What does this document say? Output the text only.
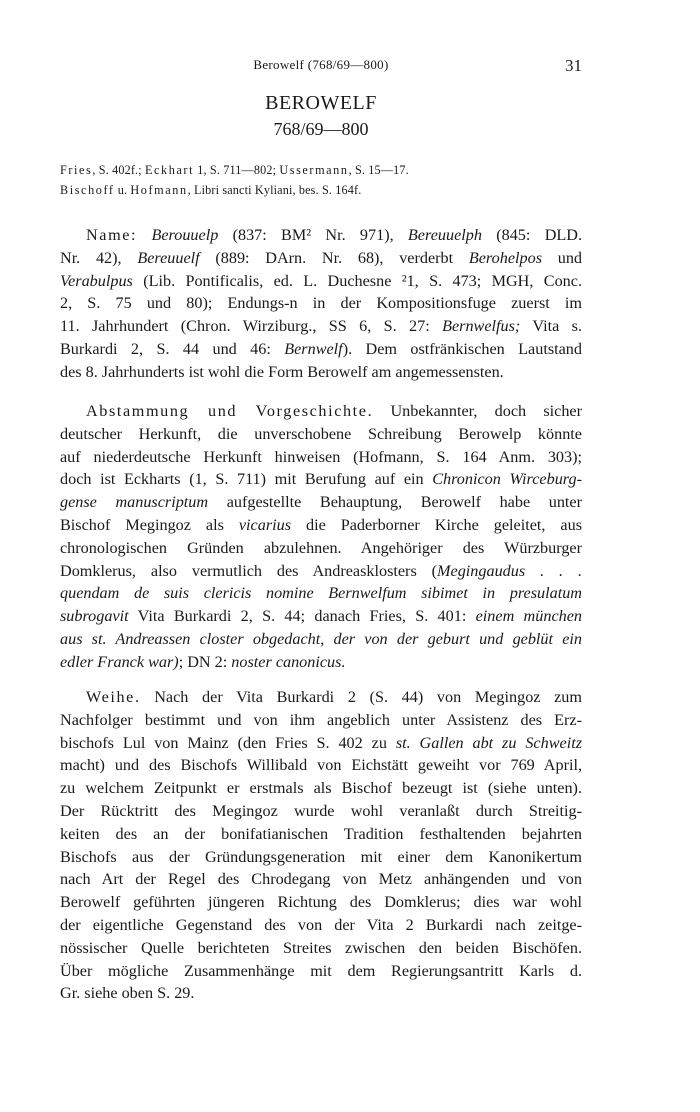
Berowelf (768/69—800)	31
BEROWELF
768/69—800
Fries, S. 402f.; Eckhart 1, S. 711—802; Ussermann, S. 15—17.
Bischoff u. Hofmann, Libri sancti Kyliani, bes. S. 164f.
Name: Berouuelp (837: BM² Nr. 971), Bereuuelph (845: DLD.
Nr. 42), Bereuuelf (889: DArn. Nr. 68), verderbt Berohelpos und
Verabulpus (Lib. Pontificalis, ed. L. Duchesne ²1, S. 473; MGH, Conc.
2, S. 75 und 80); Endungs-n in der Kompositionsfuge zuerst im
11. Jahrhundert (Chron. Wirziburg., SS 6, S. 27: Bernwelfus; Vita s.
Burkardi 2, S. 44 und 46: Bernwelf). Dem ostfränkischen Lautstand
des 8. Jahrhunderts ist wohl die Form Berowelf am angemessensten.
Abstammung und Vorgeschichte. Unbekannter, doch sicher
deutscher Herkunft, die unverschobene Schreibung Berowelp könnte
auf niederdeutsche Herkunft hinweisen (Hofmann, S. 164 Anm. 303);
doch ist Eckharts (1, S. 711) mit Berufung auf ein Chronicon Wirceburg-
gense manuscriptum aufgestellte Behauptung, Berowelf habe unter
Bischof Megingoz als vicarius die Paderborner Kirche geleitet, aus
chronologischen Gründen abzulehnen. Angehöriger des Würzburger
Domklerus, also vermutlich des Andreasklosters (Megingaudus . . .
quendam de suis clericis nomine Bernwelfum sibimet in presulatum
subrogavit Vita Burkardi 2, S. 44; danach Fries, S. 401: einem münchen
aus st. Andreassen closter obgedacht, der von der geburt und geblüt ein
edler Franck war); DN 2: noster canonicus.
Weihe. Nach der Vita Burkardi 2 (S. 44) von Megingoz zum
Nachfolger bestimmt und von ihm angeblich unter Assistenz des Erz-
bischofs Lul von Mainz (den Fries S. 402 zu st. Gallen abt zu Schweitz
macht) und des Bischofs Willibald von Eichstätt geweiht vor 769 April,
zu welchem Zeitpunkt er erstmals als Bischof bezeugt ist (siehe unten).
Der Rücktritt des Megingoz wurde wohl veranlaßt durch Streitig-
keiten des an der bonifatianischen Tradition festhaltenden bejahrten
Bischofs aus der Gründungsgeneration mit einer dem Kanonikertum
nach Art der Regel des Chrodegang von Metz anhängenden und von
Berowelf geführten jüngeren Richtung des Domklerus; dies war wohl
der eigentliche Gegenstand des von der Vita 2 Burkardi nach zeitge-
nössischer Quelle berichteten Streites zwischen den beiden Bischöfen.
Über mögliche Zusammenhänge mit dem Regierungsantritt Karls d.
Gr. siehe oben S. 29.
